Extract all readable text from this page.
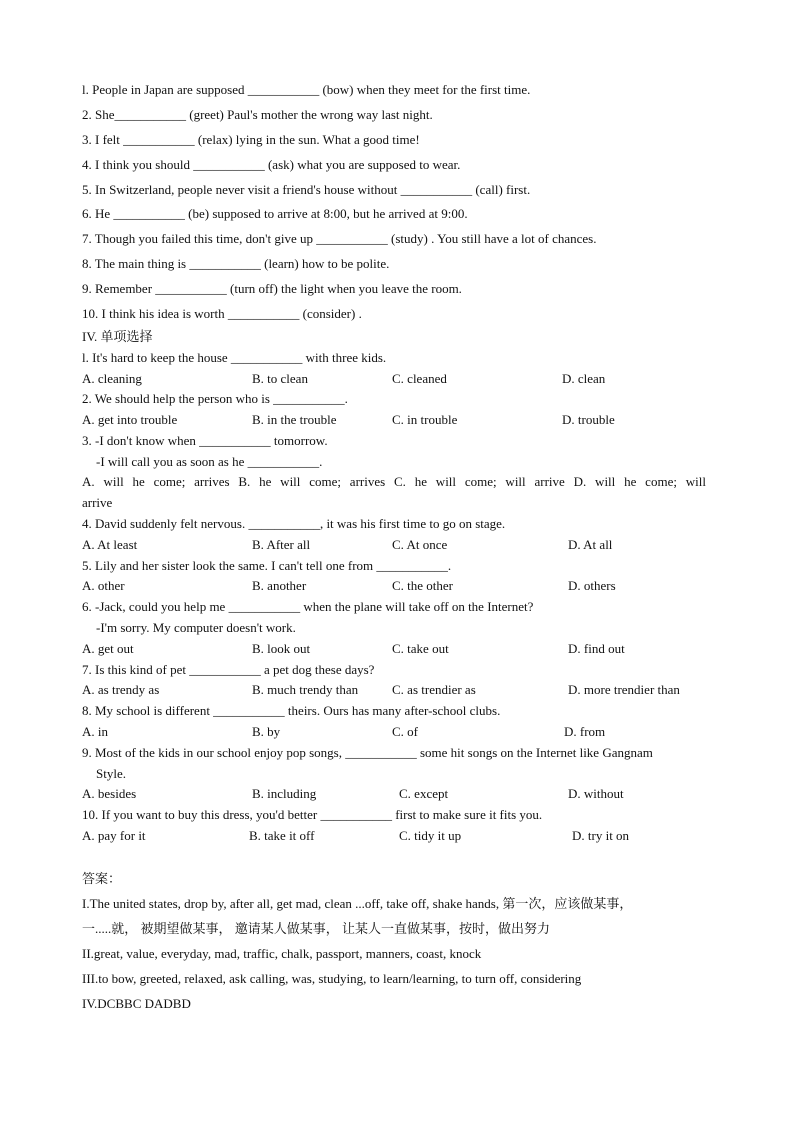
l. People in Japan are supposed ___________ (bow) when they meet for the first time.
2. She___________ (greet) Paul's mother the wrong way last night.
3. I felt ___________ (relax) lying in the sun. What a good time!
4. I think you should ___________ (ask) what you are supposed to wear.
5. In Switzerland, people never visit a friend's house without ___________ (call) first.
6. He ___________ (be) supposed to arrive at 8:00, but he arrived at 9:00.
7. Though you failed this time, don't give up ___________ (study) . You still have a lot of chances.
8. The main thing is ___________ (learn) how to be polite.
9. Remember ___________ (turn off) the light when you leave the room.
10. I think his idea is worth ___________ (consider) .
IV. 单项选择
l. It's hard to keep the house ___________ with three kids.
A. cleaning	B. to clean	C. cleaned	D. clean
2. We should help the person who is ___________.
A. get into trouble	B. in the trouble	C. in trouble	D. trouble
3. -I don't know when ___________ tomorrow.
-I will call you as soon as he ___________.
A. will he come; arrives B. he will come; arrives C. he will come; will arrive D. will he come; will
arrive
4. David suddenly felt nervous. ___________, it was his first time to go on stage.
A. At least	B. After all	C. At once	D. At all
5. Lily and her sister look the same. I can't tell one from ___________.
A. other	B. another	C. the other	D. others
6. -Jack, could you help me ___________ when the plane will take off on the Internet?
-I'm sorry. My computer doesn't work.
A. get out	B. look out	C. take out	D. find out
7. Is this kind of pet ___________ a pet dog these days?
A. as trendy as	B. much trendy than	C. as trendier as	D. more trendier than
8. My school is different ___________ theirs. Ours has many after-school clubs.
A. in	B. by	C. of	D. from
9. Most of the kids in our school enjoy pop songs, ___________ some hit songs on the Internet like Gangnam
Style.
A. besides	B. including	C. except	D. without
10. If you want to buy this dress, you'd better ___________ first to make sure it fits you.
A. pay for it	B. take it off	C. tidy it up	D. try it on
答案：
I.The united states, drop by, after all, get mad, clean ...off, take off, shake hands, 第一次，应该做某事，
一.....就， 被期望做某事， 邀请某人做某事， 让某人一直做某事，按时，做出努力
II.great, value, everyday, mad, traffic, chalk, passport, manners, coast, knock
III.to bow, greeted, relaxed, ask calling, was, studying, to learn/learning, to turn off, considering
IV.DCBBC DADBD
